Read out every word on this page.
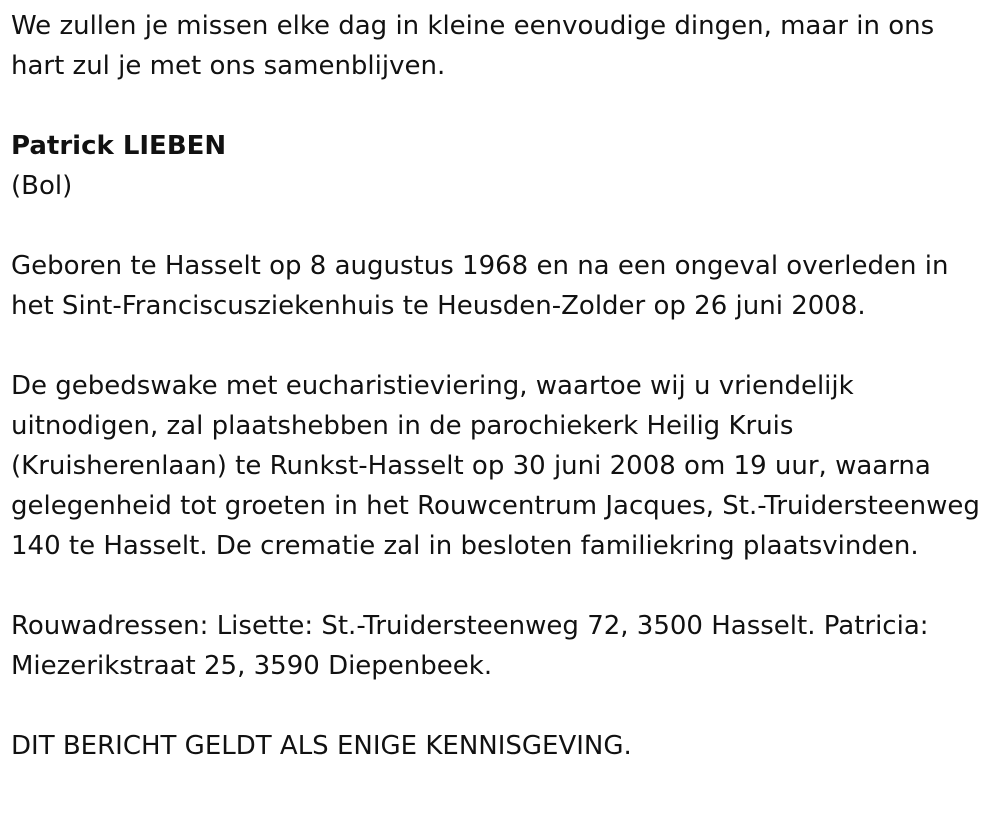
We zullen je missen elke dag in kleine eenvoudige dingen, maar in ons hart zul je met ons samenblijven.

Patrick LIEBEN
(Bol)

Geboren te Hasselt op 8 augustus 1968 en na een ongeval overleden in het Sint-Franciscusziekenhuis te Heusden-Zolder op 26 juni 2008.

De gebedswake met eucharistieviering, waartoe wij u vriendelijk uitnodigen, zal plaatshebben in de parochiekerk Heilig Kruis (Kruisherenlaan) te Runkst-Hasselt op 30 juni 2008 om 19 uur, waarna gelegenheid tot groeten in het Rouwcentrum Jacques, St.-Truidersteenweg 140 te Hasselt. De crematie zal in besloten familiekring plaatsvinden.

Rouwadressen: Lisette: St.-Truidersteenweg 72, 3500 Hasselt. Patricia: Miezerikstraat 25, 3590 Diepenbeek.

DIT BERICHT GELDT ALS ENIGE KENNISGEVING.
